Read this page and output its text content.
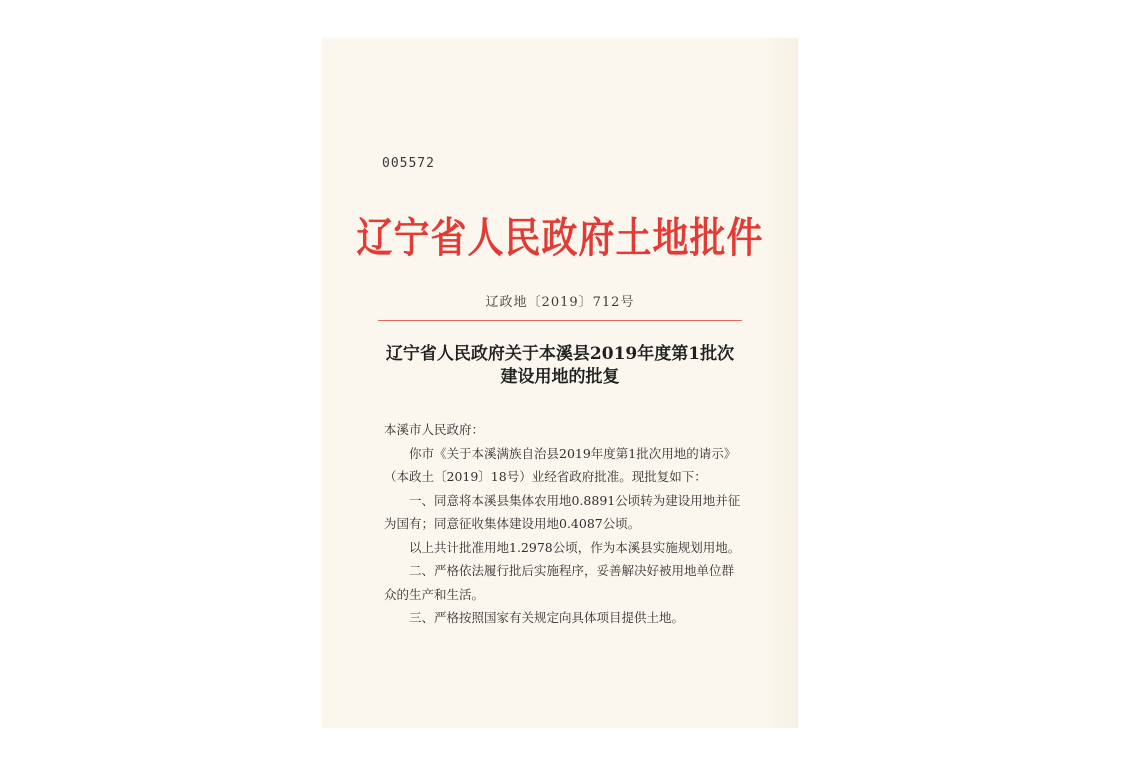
005572
辽宁省人民政府土地批件
辽政地〔2019〕712号
辽宁省人民政府关于本溪县2019年度第1批次
建设用地的批复

本溪市人民政府：

你市《关于本溪满族自治县2019年度第1批次用地的请示》（本政土〔2019〕18号）业经省政府批准。现批复如下：

一、同意将本溪县集体农用地0.8891公顷转为建设用地并征为国有；同意征收集体建设用地0.4087公顷。

以上共计批准用地1.2978公顷，作为本溪县实施规划用地。

二、严格依法履行批后实施程序，妥善解决好被用地单位群众的生产和生活。

三、严格按照国家有关规定向具体项目提供土地。
